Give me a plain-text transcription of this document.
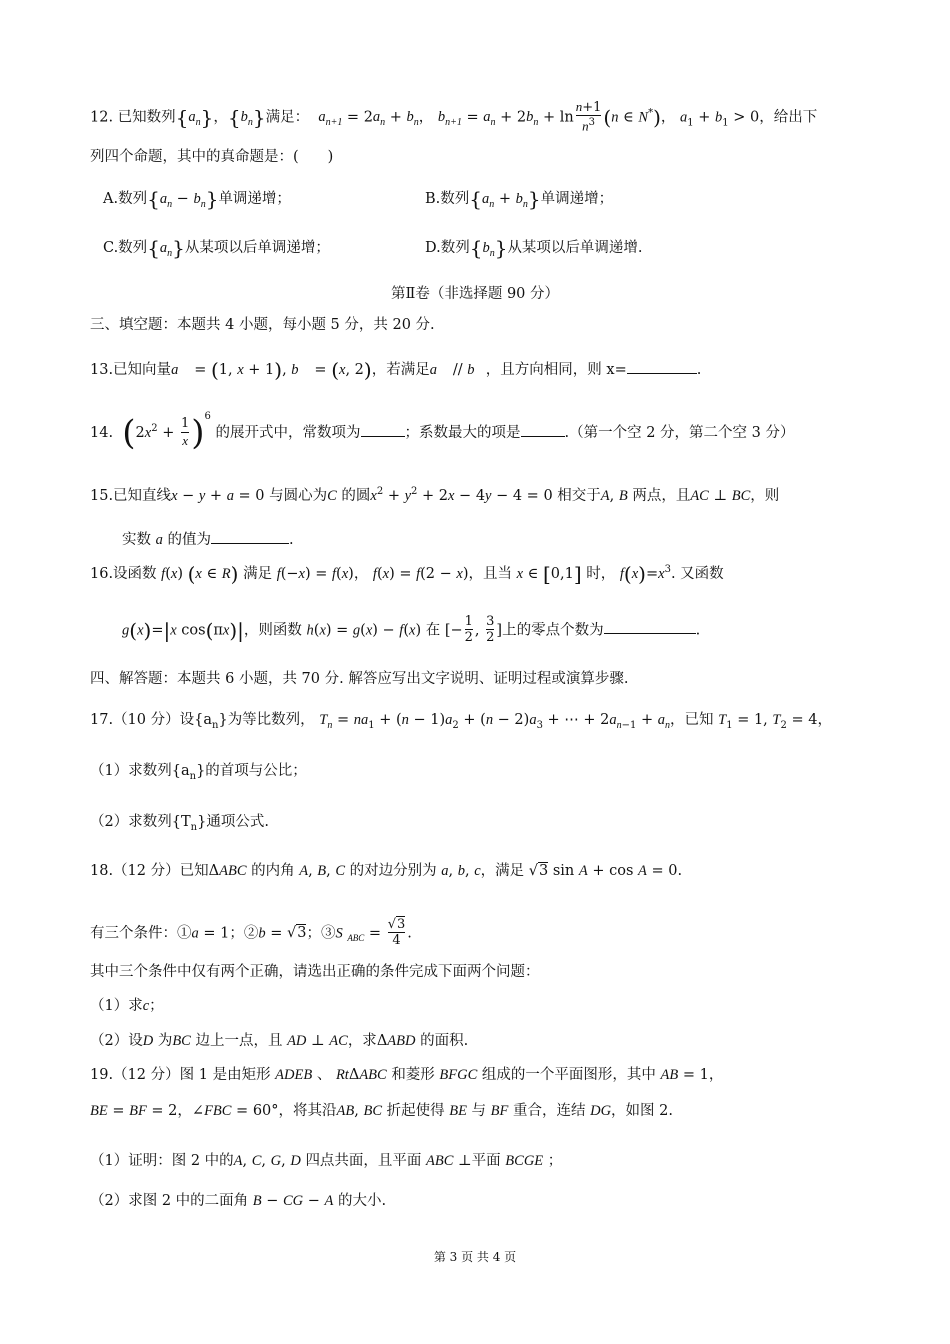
12. 已知数列$\{a_n\}$，$\{b_n\}$满足： $a_{n+1} = 2a_n + b_n$， $b_{n+1} = a_n + 2b_n + \ln \frac{n+1}{n^3} (n$ ∈ N*)， $a_1 + b_1 > 0$，给出下
列四个命题，其中的真命题是：(　　)
A.数列$\{a_n - b_n\}$单调递增；	B.数列$\{a_n + b_n\}$单调递增；
C.数列$\{a_n\}$从某项以后单调递增；	D.数列$\{b_n\}$从某项以后单调递增.
第Ⅱ卷（非选择题 90 分）
三、填空题：本题共 4 小题，每小题 5 分，共 20 分.
13.已知向量a⃗ = (1, x + 1), b⃗ = (x, 2)，若满足a⃗ // b⃗，且方向相同，则 x=	.
14. $(2x^2 + \frac{1}{x} )^6$ 的展开式中，常数项为	；系数最大的项是	.（第一个空 2 分，第二个空 3 分）
15.已知直线x − y + a = 0 与圆心为C 的圆$x^2 + y^2 + 2x - 4y - 4 = 0$ 相交于A, B 两点，且AC ⊥ BC，则
实数 a 的值为	.
16.设函数 f(x) (x ∈ R) 满足 f(−x) = f(x)， f(x) = f(2 − x)，且当 x ∈ [0,1] 时， $f(x)=x^3$. 又函数
g(x)=|x cos(πx)|，则函数 h(x) = g(x) − f(x) 在 [− $\frac{1}{2}$ , $\frac{3}{2}$ ]上的零点个数为	.
四、解答题：本题共 6 小题，共 70 分. 解答应写出文字说明、证明过程或演算步骤.
17.（10 分）设$\{a_n\}$为等比数列， $T_n = na_1 + (n - 1)a_2 + (n - 2)a_3$ + ⋯ + $2a_{n-1} + a_n$，已知 $T_1 = 1$, $T_2 = 4$，
（1）求数列$\{a_n\}$的首项与公比；
（2）求数列$\{T_n\}$通项公式.
18.（12 分）已知ΔABC 的内角 A, B, C 的对边分别为 a, b, c，满足 √3 sin A + cos A = 0.
有三个条件：①a = 1；②b = √3；③S $_{ABC} = \frac{√3}{4}$ .
其中三个条件中仅有两个正确，请选出正确的条件完成下面两个问题：
（1）求c；
（2）设D 为BC 边上一点，且 AD ⊥ AC，求ΔABD 的面积.
19.（12 分）图 1 是由矩形 ADEB 、 RtΔABC 和菱形 BFGC 组成的一个平面图形，其中 AB = 1，
BE = BF = 2，∠FBC = 60°，将其沿AB, BC 折起使得 BE 与 BF 重合，连结 DG，如图 2.
（1）证明：图 2 中的A, C, G, D 四点共面，且平面 ABC ⊥平面 BCGE ；
（2）求图 2 中的二面角 B − CG − A 的大小.
第 3 页 共 4 页
